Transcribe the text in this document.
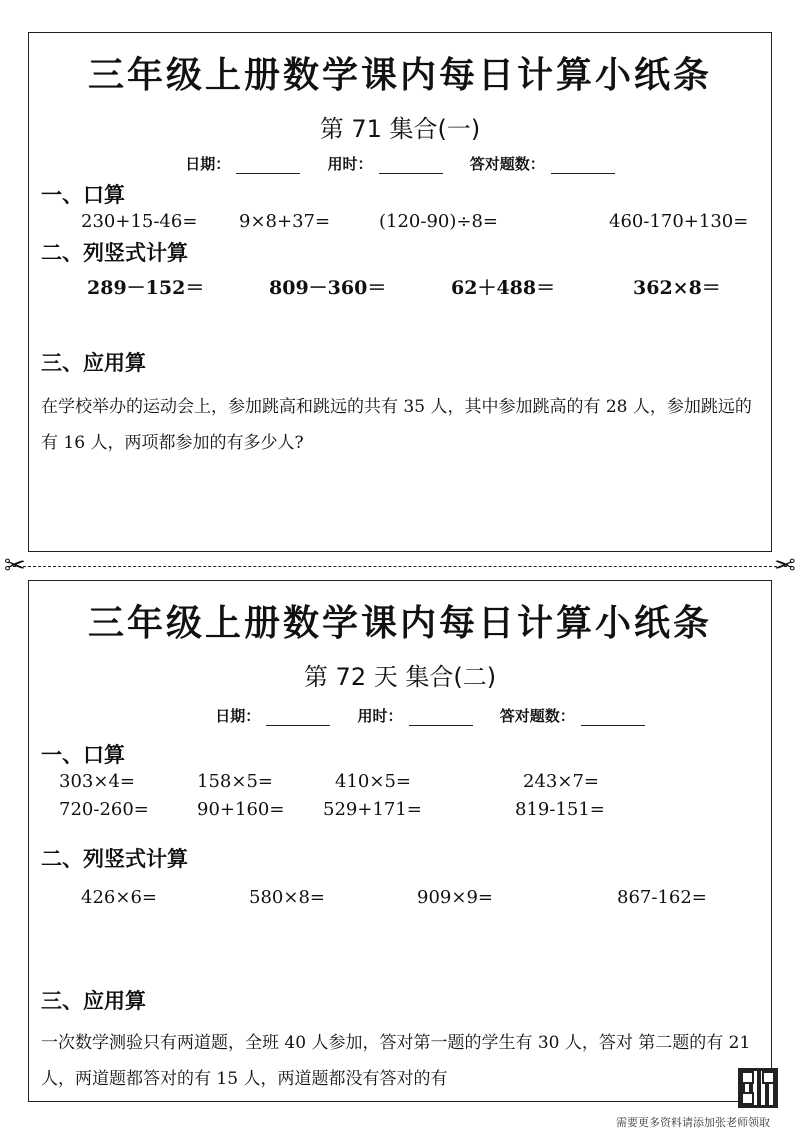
三年级上册数学课内每日计算小纸条
第 71 集合(一)
日期：	用时：	答对题数：
一、口算
230+15-46= 9×8+37=	(120-90)÷8=	460-170+130=
二、列竖式计算
289－152＝	809－360＝	62＋488＝	362×8＝
三、应用算
在学校举办的运动会上，参加跳高和跳远的共有 35 人，其中参加跳高的有 28 人，参加跳远的有 16 人，两项都参加的有多少人?
✂	✂
三年级上册数学课内每日计算小纸条
第 72 天 集合(二)
日期：	用时：	答对题数：
一、口算
303×4=	158×5=	410×5=	243×7=
720-260=	90+160= 529+171=	819-151=
二、列竖式计算
426×6=	580×8=	909×9=	867-162=
三、应用算
一次数学测验只有两道题，全班 40 人参加，答对第一题的学生有 30 人，答对 第二题的有 21 人，两道题都答对的有 15 人，两道题都没有答对的有
需要更多资料请添加张老师领取
